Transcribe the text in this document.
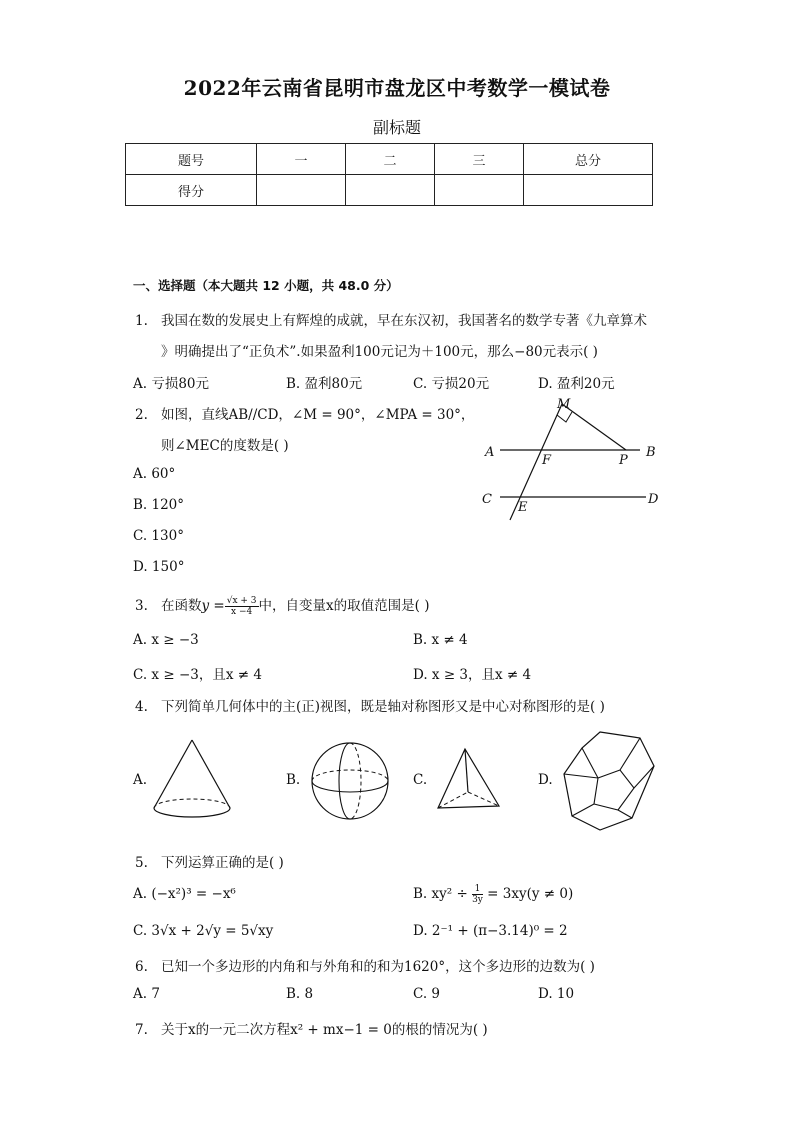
2022年云南省昆明市盘龙区中考数学一模试卷
副标题
题号	一	二	三	总分
得分				
一、选择题（本大题共 12 小题，共 48.0 分）
1. 我国在数的发展史上有辉煌的成就，早在东汉初，我国著名的数学专著《九章算术
》明确提出了“正负术”.如果盈利100元记为＋100元，那么−80元表示( )
A. 亏损80元	B. 盈利80元	C. 亏损20元	D. 盈利20元
2. 如图，直线AB//CD，∠M = 90°，∠MPA = 30°，
则∠MEC的度数是( )
A. 60°
B. 120°
C. 130°
D. 150°
M
A
F	P
B
C
E
D
3. 在函数$y = \frac{√x + 3}{x -4}$ 中，自变量x的取值范围是( )
A. x ≥ −3	B. x ≠ 4
C. x ≥ −3，且x ≠ 4	D. x ≥ 3，且x ≠ 4
4. 下列简单几何体中的主(正)视图，既是轴对称图形又是中心对称图形的是( )
A.	B.	C.	D.
5. 下列运算正确的是( )
A. (−x²)³ = −x⁶	B. $xy^2 \div \frac{1}{3y} = 3xy(y \ne 0)$
C. 3√x + 2√y = 5√xy	D. 2⁻¹ + (π−3.14)⁰ = 2
6. 已知一个多边形的内角和与外角和的和为1620°，这个多边形的边数为( )
A. 7	B. 8	C. 9	D. 10
7. 关于x的一元二次方程x² + mx−1 = 0的根的情况为( )
